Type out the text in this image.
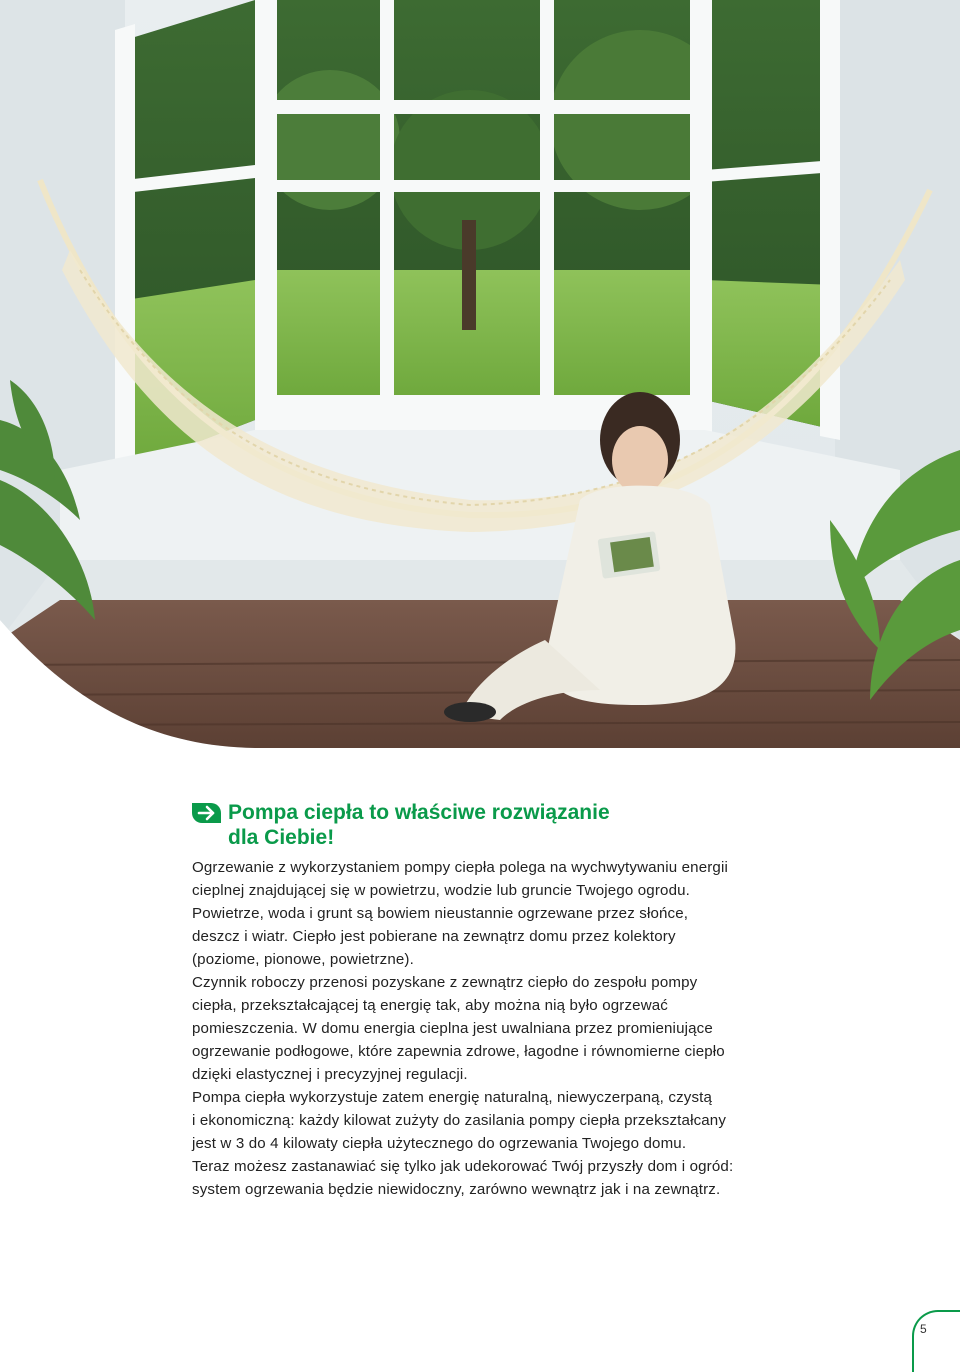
Pompa ciepła to właściwe rozwiązanie
dla Ciebie!
Ogrzewanie z wykorzystaniem pompy ciepła polega na wychwytywaniu energii
cieplnej znajdującej się w powietrzu, wodzie lub gruncie Twojego ogrodu.
Powietrze, woda i grunt są bowiem nieustannie ogrzewane przez słońce,
deszcz i wiatr. Ciepło jest pobierane na zewnątrz domu przez kolektory
(poziome, pionowe, powietrzne).
Czynnik roboczy przenosi pozyskane z zewnątrz ciepło do zespołu pompy
ciepła, przekształcającej tą energię tak, aby można nią było ogrzewać
pomieszczenia. W domu energia cieplna jest uwalniana przez promieniujące
ogrzewanie podłogowe, które zapewnia zdrowe, łagodne i równomierne ciepło
dzięki elastycznej i precyzyjnej regulacji.
Pompa ciepła wykorzystuje zatem energię naturalną, niewyczerpaną, czystą
i ekonomiczną: każdy kilowat zużyty do zasilania pompy ciepła przekształcany
jest w 3 do 4 kilowaty ciepła użytecznego do ogrzewania Twojego domu.
Teraz możesz zastanawiać się tylko jak udekorować Twój przyszły dom i ogród:
system ogrzewania będzie niewidoczny, zarówno wewnątrz jak i na zewnątrz.
5
